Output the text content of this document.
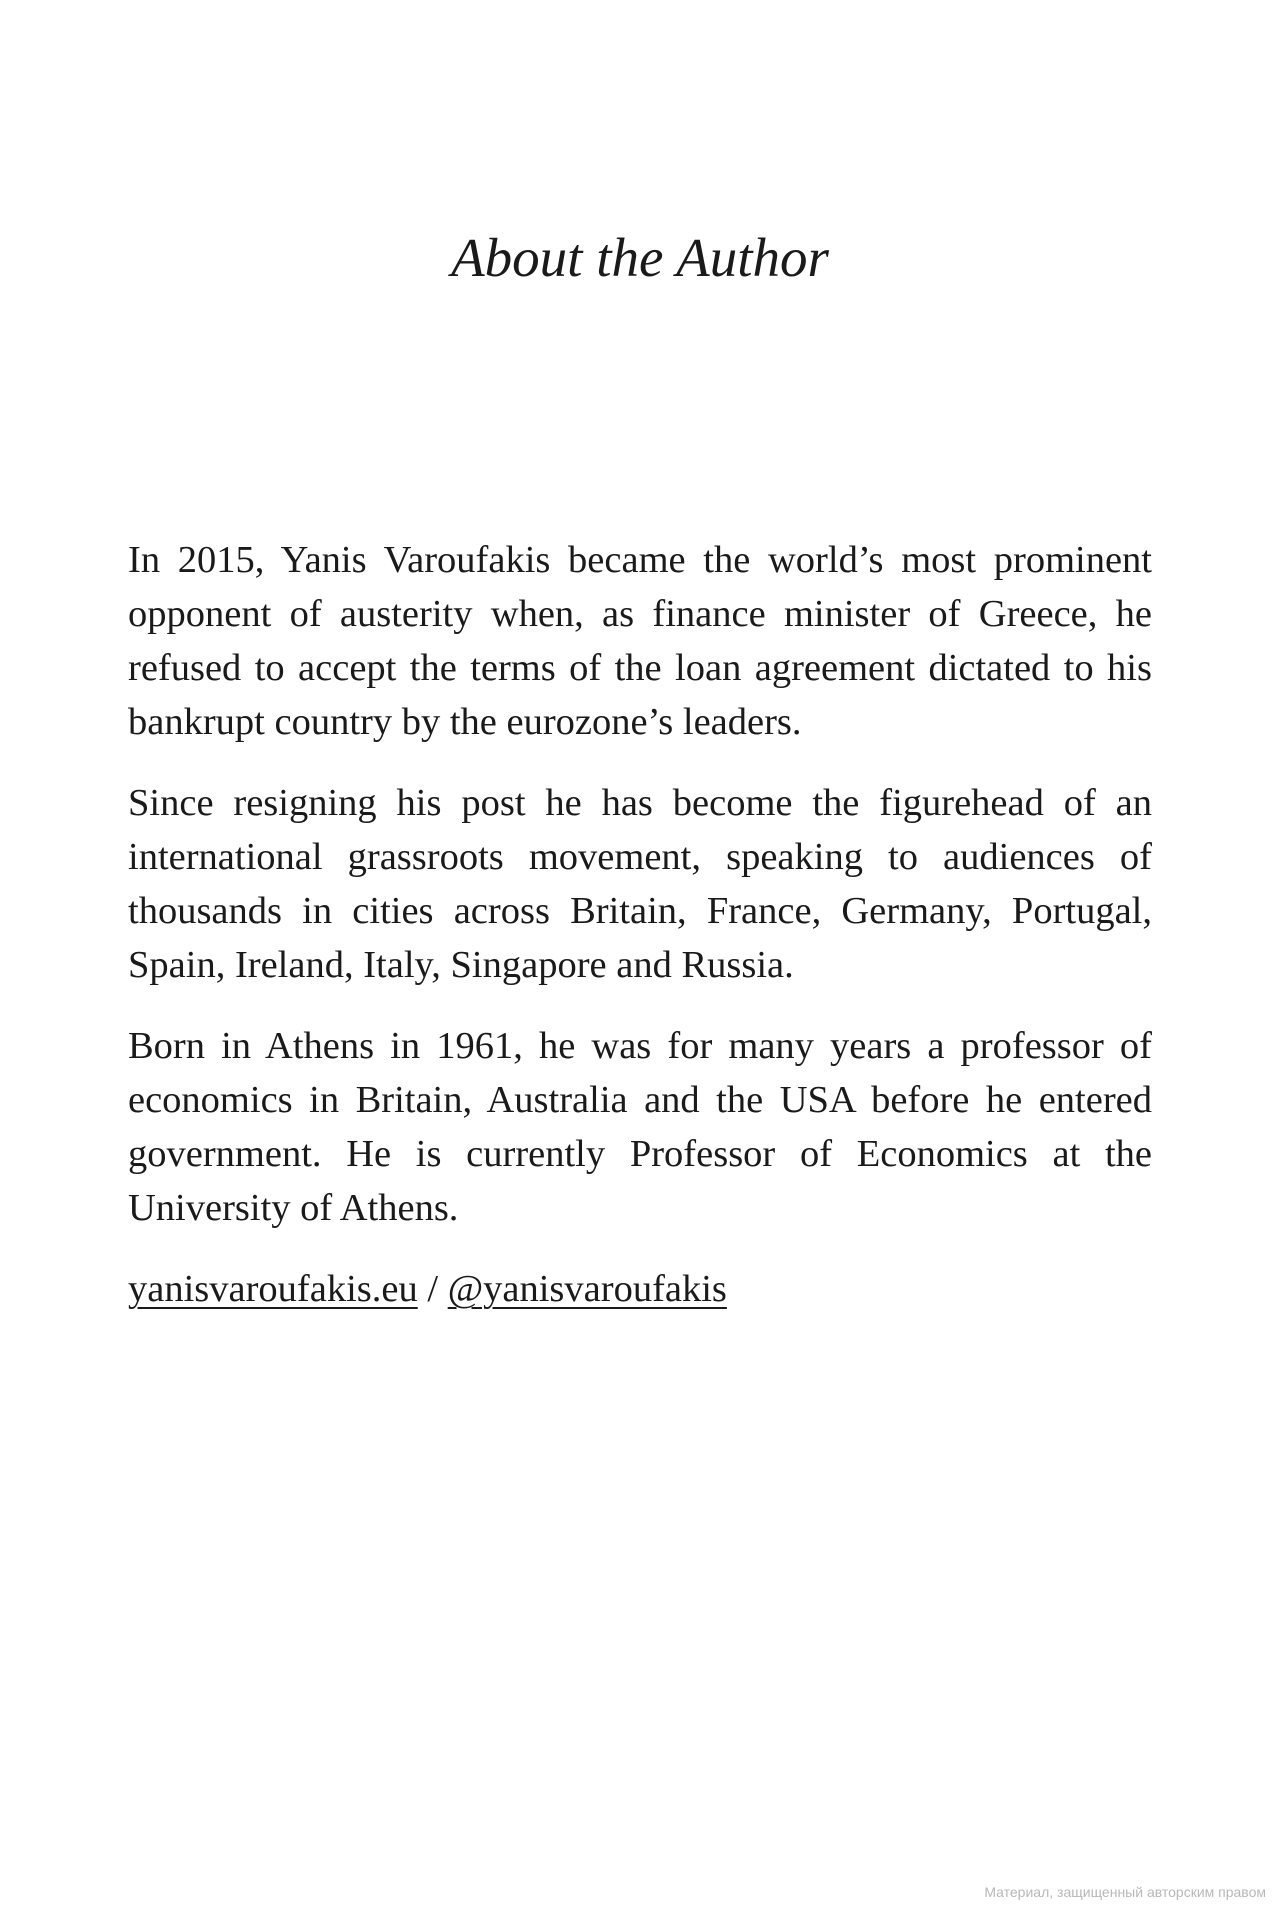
About the Author

In 2015, Yanis Varoufakis became the world’s most prominent opponent of austerity when, as finance minister of Greece, he refused to accept the terms of the loan agreement dictated to his bankrupt country by the eurozone’s leaders.

Since resigning his post he has become the figurehead of an international grassroots movement, speaking to audiences of thousands in cities across Britain, France, Germany, Portugal, Spain, Ireland, Italy, Singapore and Russia.

Born in Athens in 1961, he was for many years a professor of economics in Britain, Australia and the USA before he entered government. He is currently Professor of Economics at the University of Athens.

yanisvaroufakis.eu / @yanisvaroufakis
Материал, защищенный авторским правом
